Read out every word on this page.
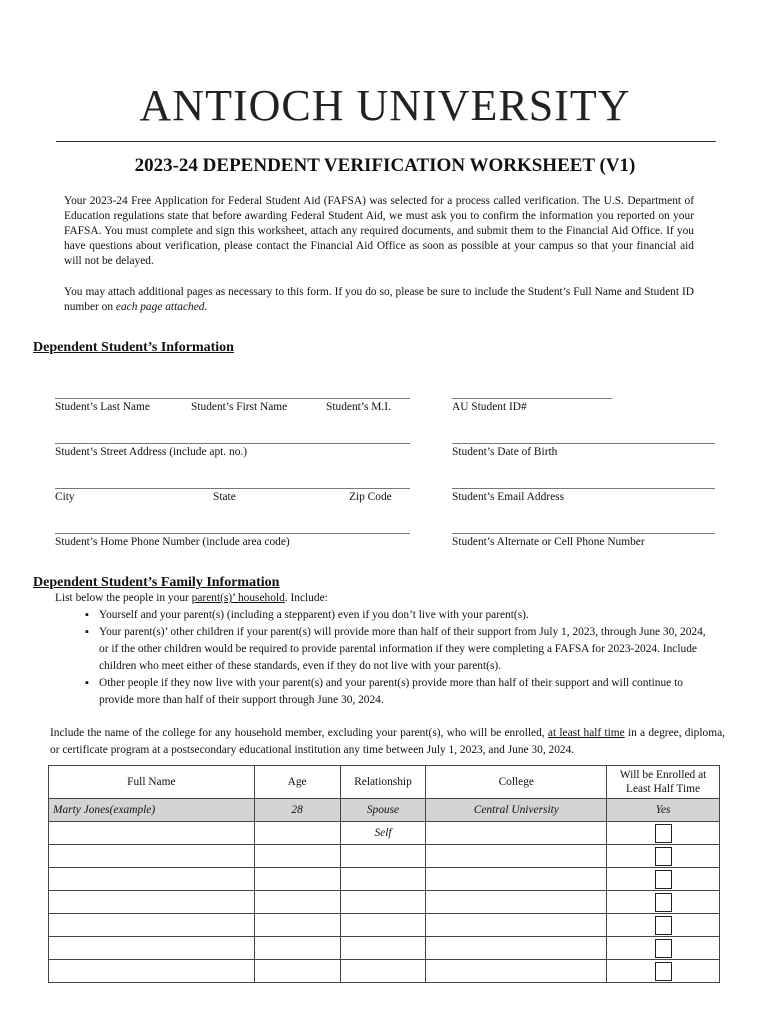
ANTIOCH UNIVERSITY
2023-24 DEPENDENT VERIFICATION WORKSHEET (V1)
Your 2023-24 Free Application for Federal Student Aid (FAFSA) was selected for a process called verification. The U.S. Department of Education regulations state that before awarding Federal Student Aid, we must ask you to confirm the information you reported on your FAFSA. You must complete and sign this worksheet, attach any required documents, and submit them to the Financial Aid Office. If you have questions about verification, please contact the Financial Aid Office as soon as possible at your campus so that your financial aid will not be delayed.
You may attach additional pages as necessary to this form. If you do so, please be sure to include the Student’s Full Name and Student ID number on each page attached.
Dependent Student’s Information
Student’s Last Name	Student’s First Name	Student’s M.I.	AU Student ID#
Student’s Street Address (include apt. no.)	Student’s Date of Birth
City	State	Zip Code	Student’s Email Address
Student’s Home Phone Number (include area code)	Student’s Alternate or Cell Phone Number
Dependent Student’s Family Information
List below the people in your parent(s)’ household. Include:
▪ Yourself and your parent(s) (including a stepparent) even if you don’t live with your parent(s).
▪ Your parent(s)’ other children if your parent(s) will provide more than half of their support from July 1, 2023, through June 30, 2024, or if the other children would be required to provide parental information if they were completing a FAFSA for 2023-2024. Include children who meet either of these standards, even if they do not live with your parent(s).
▪ Other people if they now live with your parent(s) and your parent(s) provide more than half of their support and will continue to provide more than half of their support through June 30, 2024.
Include the name of the college for any household member, excluding your parent(s), who will be enrolled, at least half time in a degree, diploma, or certificate program at a postsecondary educational institution any time between July 1, 2023, and June 30, 2024.
Full Name	Age	Relationship	College	Will be Enrolled at Least Half Time
Marty Jones(example)	28	Spouse	Central University	Yes
		Self		
